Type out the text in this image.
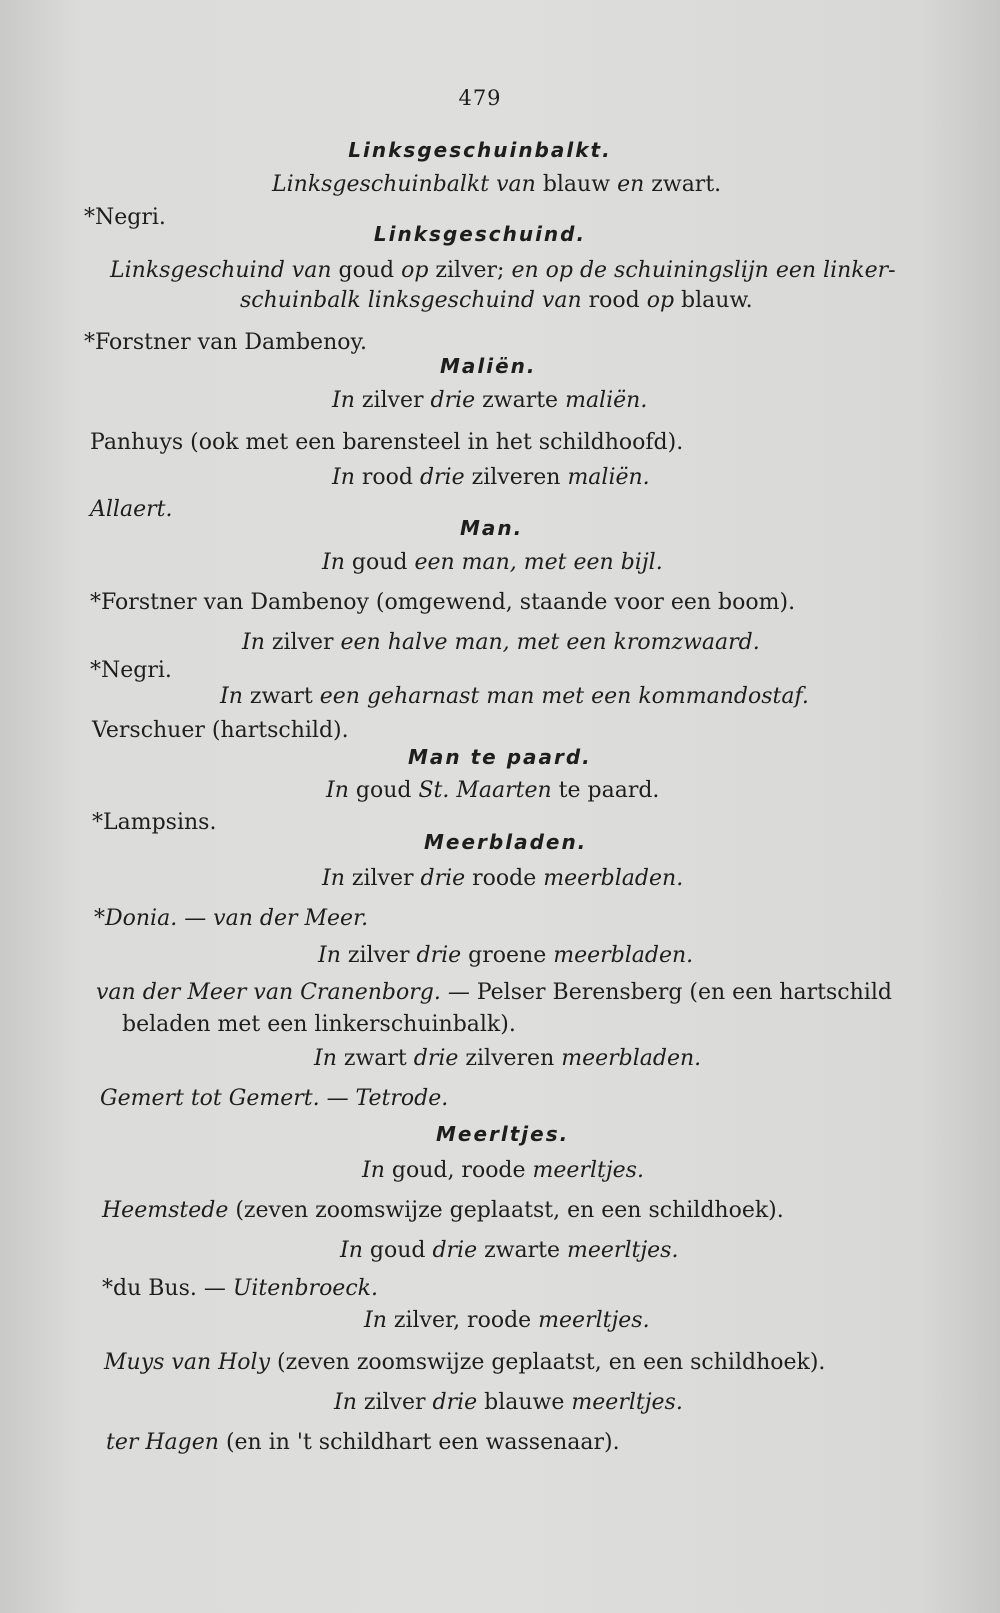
479
Linksgeschuinbalkt.
Linksgeschuinbalkt van blauw en zwart.
*Negri.
Linksgeschuind.
Linksgeschuind van goud op zilver; en op de schuiningslijn een linker-
schuinbalk linksgeschuind van rood op blauw.
*Forstner van Dambenoy.
Maliën.
In zilver drie zwarte maliën.
Panhuys (ook met een barensteel in het schildhoofd).
In rood drie zilveren maliën.
Allaert.
Man.
In goud een man, met een bijl.
*Forstner van Dambenoy (omgewend, staande voor een boom).
In zilver een halve man, met een kromzwaard.
*Negri.
In zwart een geharnast man met een kommandostaf.
Verschuer (hartschild).
Man te paard.
In goud St. Maarten te paard.
*Lampsins.
Meerbladen.
In zilver drie roode meerbladen.
*Donia. — van der Meer.
In zilver drie groene meerbladen.
van der Meer van Cranenborg. — Pelser Berensberg (en een hartschild
beladen met een linkerschuinbalk).
In zwart drie zilveren meerbladen.
Gemert tot Gemert. — Tetrode.
Meerltjes.
In goud, roode meerltjes.
Heemstede (zeven zoomswijze geplaatst, en een schildhoek).
In goud drie zwarte meerltjes.
*du Bus. — Uitenbroeck.
In zilver, roode meerltjes.
Muys van Holy (zeven zoomswijze geplaatst, en een schildhoek).
In zilver drie blauwe meerltjes.
ter Hagen (en in 't schildhart een wassenaar).
